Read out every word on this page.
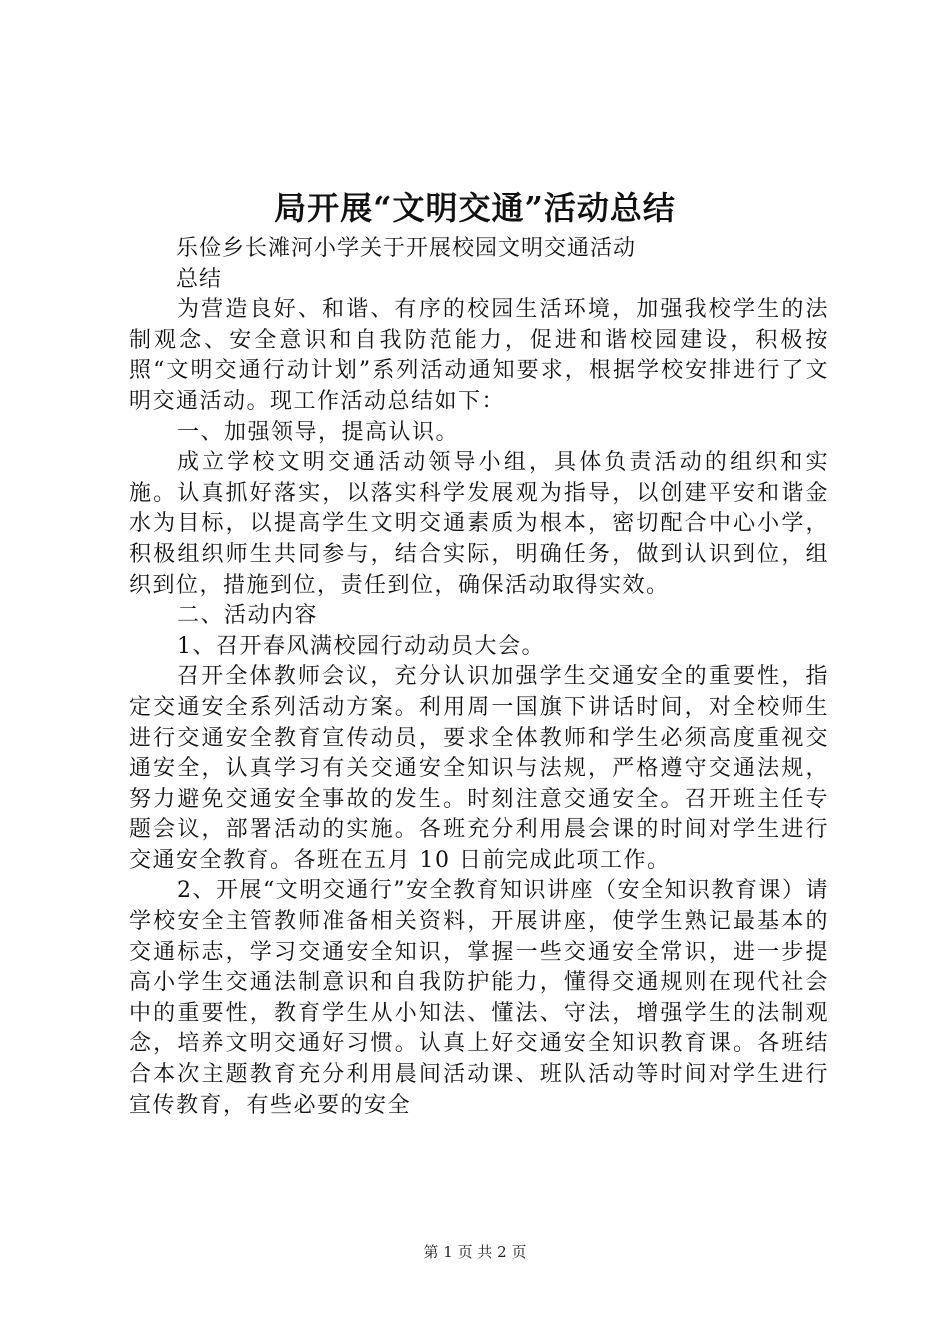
局开展“文明交通”活动总结

乐俭乡长滩河小学关于开展校园文明交通活动总结

为营造良好、和谐、有序的校园生活环境，加强我校学生的法制观念、安全意识和自我防范能力，促进和谐校园建设，积极按照“文明交通行动计划”系列活动通知要求，根据学校安排进行了文明交通活动。现工作活动总结如下：

一、加强领导，提高认识。

成立学校文明交通活动领导小组，具体负责活动的组织和实施。认真抓好落实，以落实科学发展观为指导，以创建平安和谐金水为目标，以提高学生文明交通素质为根本，密切配合中心小学，积极组织师生共同参与，结合实际，明确任务，做到认识到位，组织到位，措施到位，责任到位，确保活动取得实效。

二、活动内容

1、召开春风满校园行动动员大会。

召开全体教师会议，充分认识加强学生交通安全的重要性，指定交通安全系列活动方案。利用周一国旗下讲话时间，对全校师生进行交通安全教育宣传动员，要求全体教师和学生必须高度重视交通安全，认真学习有关交通安全知识与法规，严格遵守交通法规，努力避免交通安全事故的发生。时刻注意交通安全。召开班主任专题会议，部署活动的实施。各班充分利用晨会课的时间对学生进行交通安全教育。各班在五月 10 日前完成此项工作。

2、开展“文明交通行”安全教育知识讲座（安全知识教育课）请学校安全主管教师准备相关资料，开展讲座，使学生熟记最基本的交通标志，学习交通安全知识，掌握一些交通安全常识，进一步提高小学生交通法制意识和自我防护能力，懂得交通规则在现代社会中的重要性，教育学生从小知法、懂法、守法，增强学生的法制观念，培养文明交通好习惯。认真上好交通安全知识教育课。各班结合本次主题教育充分利用晨间活动课、班队活动等时间对学生进行宣传教育，有些必要的安全

第 1 页 共 2 页
